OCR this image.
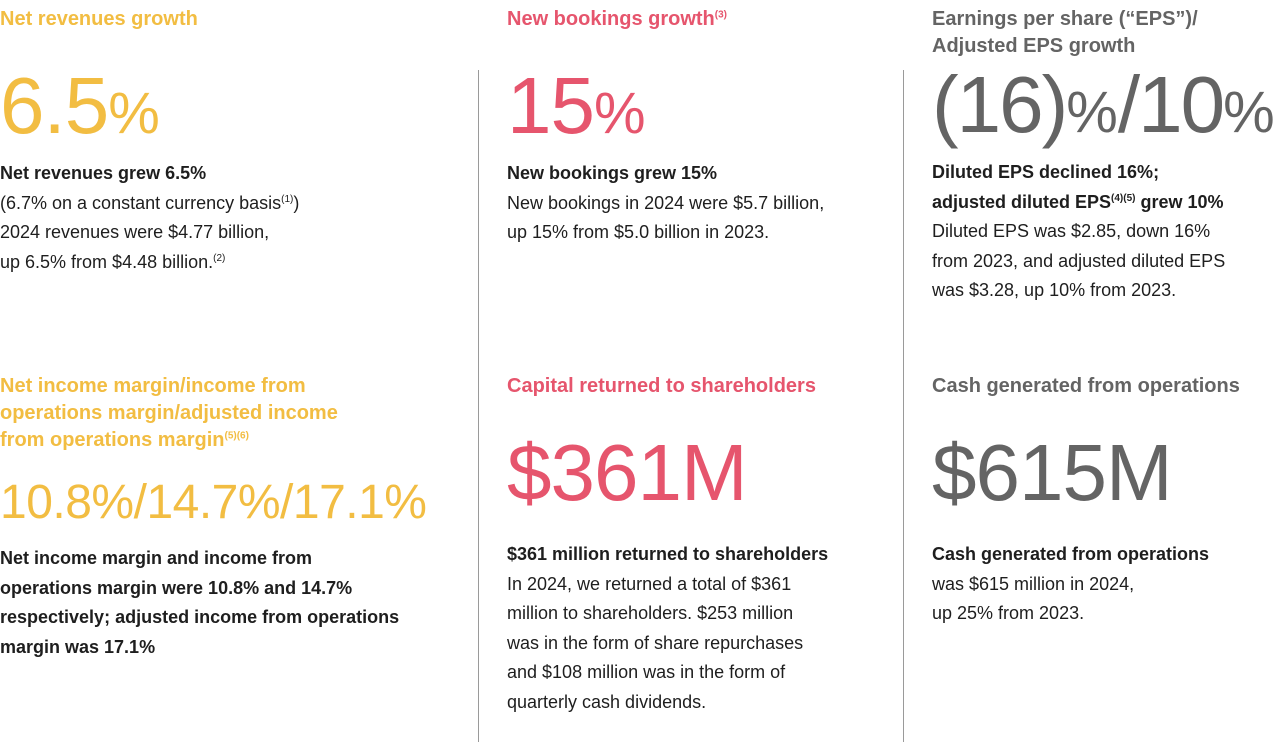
Net revenues growth

6.5%

Net revenues grew 6.5%

(6.7% on a constant currency basis$^{(1)}$)

2024 revenues were $4.77 billion,

up 6.5% from $4.48 billion.$^{(2)}$

New bookings growth$^{(3)}$

15%

New bookings grew 15%

New bookings in 2024 were $5.7 billion,

up 15% from $5.0 billion in 2023.

Earnings per share (“EPS”)/
Adjusted EPS growth

(16)%/10%

Diluted EPS declined 16%;

adjusted diluted $EPS^{(4)(5)}$ grew 10%

Diluted EPS was $2.85, down 16%

from 2023, and adjusted diluted EPS

was $3.28, up 10% from 2023.

Net income margin/income from
operations margin/adjusted income
from operations margin$^{(5)(6)}$

10.8%/14.7%/17.1%

Net income margin and income from

operations margin were 10.8% and 14.7%

respectively; adjusted income from operations

margin was 17.1%

Capital returned to shareholders

$361M

$361 million returned to shareholders

In 2024, we returned a total of $361

million to shareholders. $253 million

was in the form of share repurchases

and $108 million was in the form of

quarterly cash dividends.

Cash generated from operations

$615M

Cash generated from operations

was $615 million in 2024,

up 25% from 2023.
